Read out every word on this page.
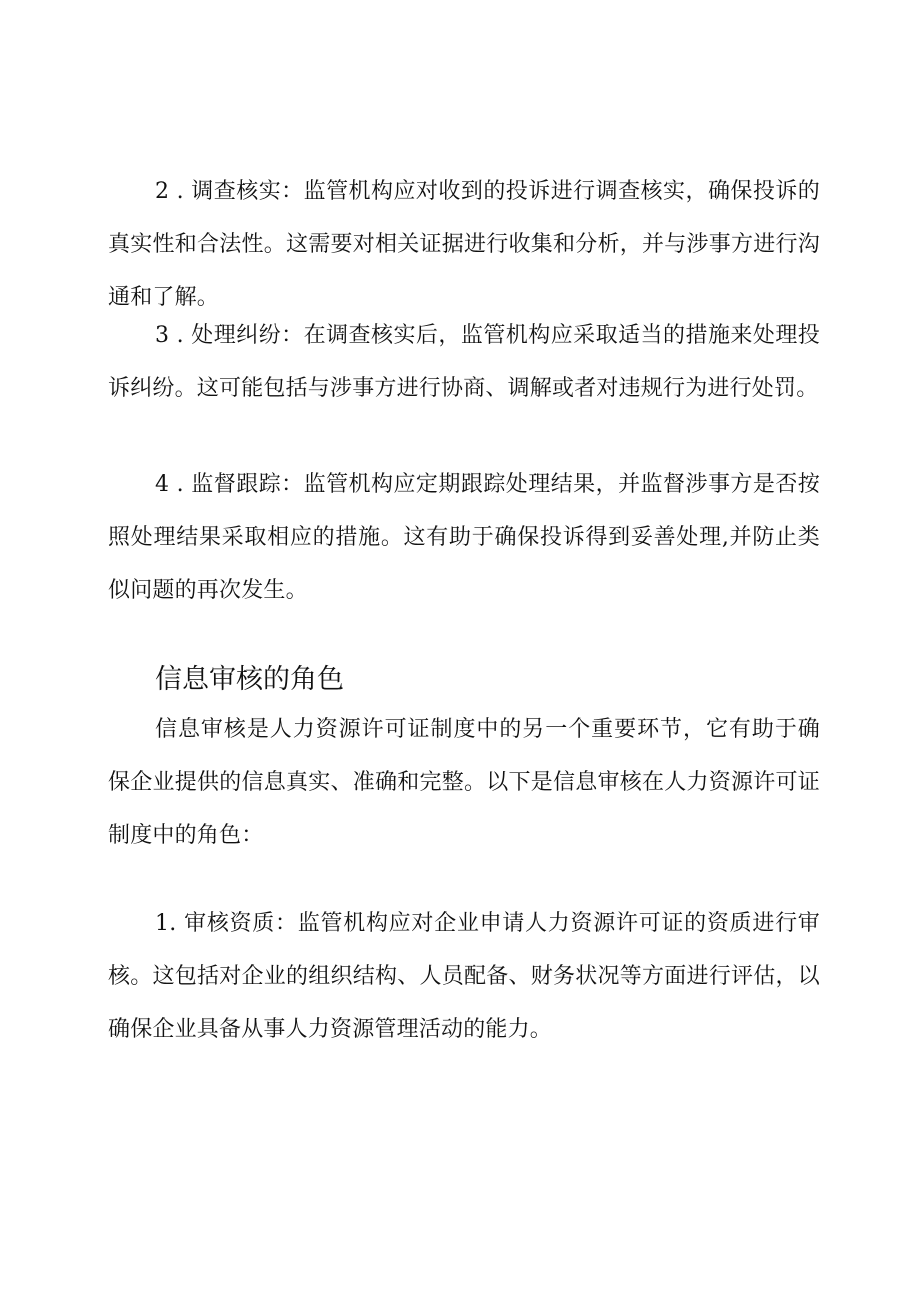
2 . 调查核实：监管机构应对收到的投诉进行调查核实，确保投诉的真实性和合法性。这需要对相关证据进行收集和分析，并与涉事方进行沟通和了解。

3 . 处理纠纷：在调查核实后，监管机构应采取适当的措施来处理投诉纠纷。这可能包括与涉事方进行协商、调解或者对违规行为进行处罚。

4 . 监督跟踪：监管机构应定期跟踪处理结果，并监督涉事方是否按照处理结果采取相应的措施。这有助于确保投诉得到妥善处理,并防止类似问题的再次发生。

信息审核的角色

信息审核是人力资源许可证制度中的另一个重要环节，它有助于确保企业提供的信息真实、准确和完整。以下是信息审核在人力资源许可证制度中的角色：

1. 审核资质：监管机构应对企业申请人力资源许可证的资质进行审核。这包括对企业的组织结构、人员配备、财务状况等方面进行评估，以确保企业具备从事人力资源管理活动的能力。
